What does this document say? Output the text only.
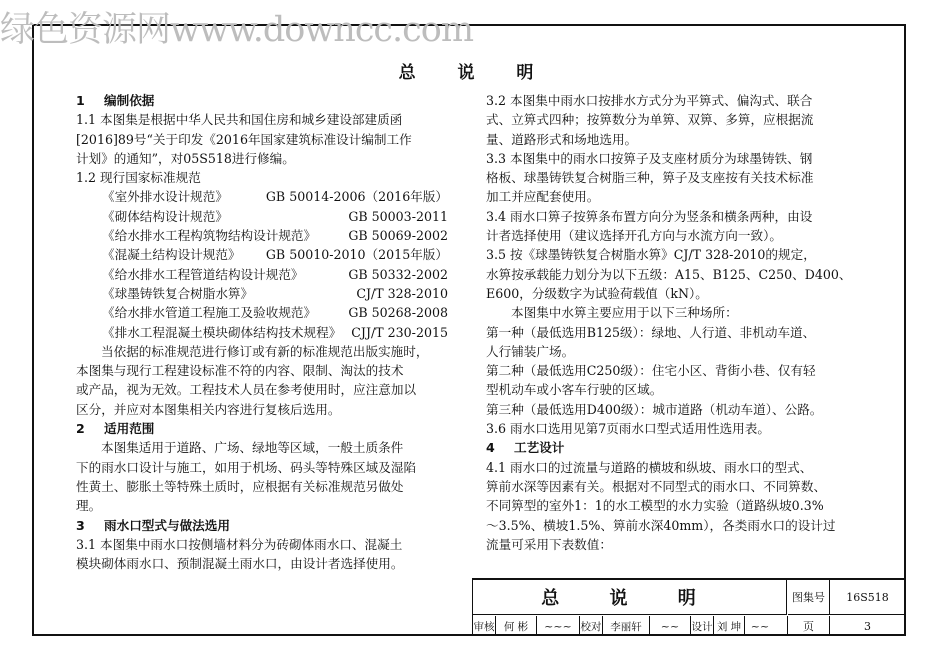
绿色资源网www.downcc.com
总 说 明
1 编制依据
1.1 本图集是根据中华人民共和国住房和城乡建设部建质函
[2016]89号“关于印发《2016年国家建筑标准设计编制工作
计划》的通知”，对05S518进行修编。
1.2 现行国家标准规范
《室外排水设计规范》	GB 50014-2006（2016年版）
《砌体结构设计规范》	GB 50003-2011
《给水排水工程构筑物结构设计规范》	GB 50069-2002
《混凝土结构设计规范》 GB 50010-2010（2015年版）
《给水排水工程管道结构设计规范》	GB 50332-2002
《球墨铸铁复合树脂水箅》	CJ/T 328-2010
《给水排水管道工程施工及验收规范》	GB 50268-2008
《排水工程混凝土模块砌体结构技术规程》 CJJ/T 230-2015
当依据的标准规范进行修订或有新的标准规范出版实施时，
本图集与现行工程建设标准不符的内容、限制、淘汰的技术
或产品，视为无效。工程技术人员在参考使用时，应注意加以
区分，并应对本图集相关内容进行复核后选用。
2 适用范围
本图集适用于道路、广场、绿地等区域，一般土质条件
下的雨水口设计与施工，如用于机场、码头等特殊区域及湿陷
性黄土、膨胀土等特殊土质时，应根据有关标准规范另做处
理。
3 雨水口型式与做法选用
3.1 本图集中雨水口按侧墙材料分为砖砌体雨水口、混凝土
模块砌体雨水口、预制混凝土雨水口，由设计者选择使用。
3.2 本图集中雨水口按排水方式分为平箅式、偏沟式、联合
式、立箅式四种；按箅数分为单箅、双箅、多箅，应根据流
量、道路形式和场地选用。
3.3 本图集中的雨水口按箅子及支座材质分为球墨铸铁、钢
格板、球墨铸铁复合树脂三种，箅子及支座按有关技术标准
加工并应配套使用。
3.4 雨水口箅子按箅条布置方向分为竖条和横条两种，由设
计者选择使用（建议选择开孔方向与水流方向一致）。
3.5 按《球墨铸铁复合树脂水箅》CJ/T 328-2010的规定，
水箅按承载能力划分为以下五级：A15、B125、C250、D400、
E600，分级数字为试验荷载值（kN）。
本图集中水箅主要应用于以下三种场所：
第一种（最低选用B125级）：绿地、人行道、非机动车道、
人行铺装广场。
第二种（最低选用C250级）：住宅小区、背街小巷、仅有轻
型机动车或小客车行驶的区域。
第三种（最低选用D400级）：城市道路（机动车道）、公路。
3.6 雨水口选用见第7页雨水口型式适用性选用表。
4 工艺设计
4.1 雨水口的过流量与道路的横坡和纵坡、雨水口的型式、
箅前水深等因素有关。根据对不同型式的雨水口、不同箅数、
不同箅型的室外1：1的水工模型的水力实验（道路纵坡0.3%
～3.5%、横坡1.5%、箅前水深40mm），各类雨水口的设计过
流量可采用下表数值：
总 说 明	图集号	16S518
审核 何 彬	~~~ 校对 李丽轩	~~ 设计 刘 坤 ~~	页	3
